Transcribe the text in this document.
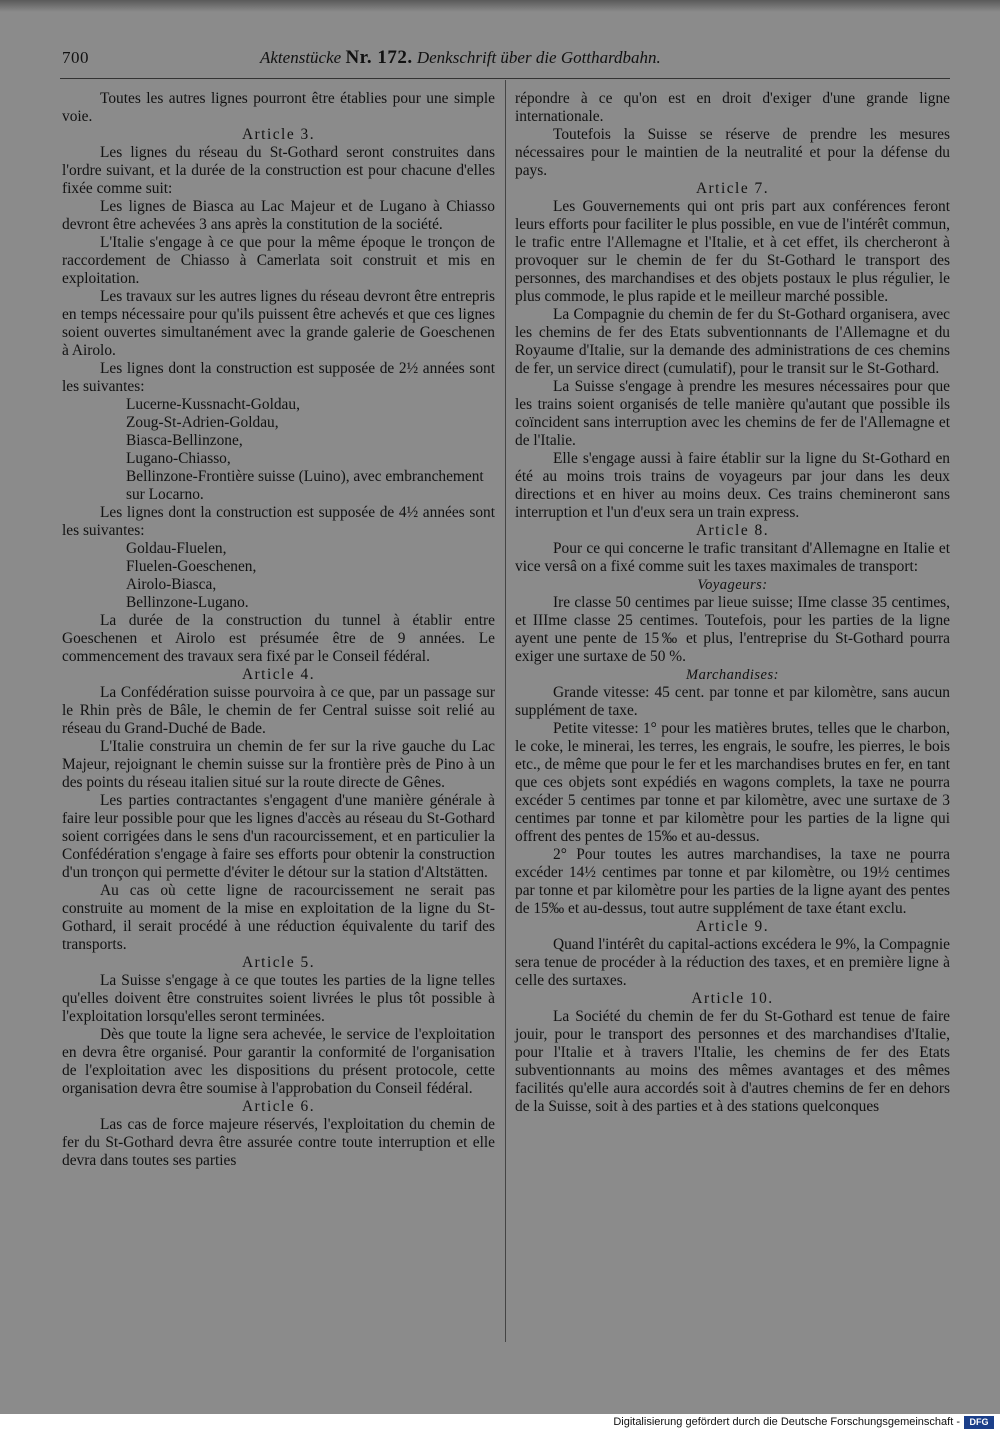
700	Aktenstücke Nr. 172. Denkschrift über die Gotthardbahn.

Toutes les autres lignes pourront être établies pour une simple voie.

Article 3.

Les lignes du réseau du St-Gothard seront construites dans l'ordre suivant, et la durée de la construction est pour chacune d'elles fixée comme suit:

Les lignes de Biasca au Lac Majeur et de Lugano à Chiasso devront être achevées 3 ans après la constitution de la société.

L'Italie s'engage à ce que pour la même époque le tronçon de raccordement de Chiasso à Camerlata soit construit et mis en exploitation.

Les travaux sur les autres lignes du réseau devront être entrepris en temps nécessaire pour qu'ils puissent être achevés et que ces lignes soient ouvertes simultanément avec la grande galerie de Goeschenen à Airolo.

Les lignes dont la construction est supposée de 2½ années sont les suivantes:

Lucerne-Kussnacht-Goldau,
Zoug-St-Adrien-Goldau,
Biasca-Bellinzone,
Lugano-Chiasso,
Bellinzone-Frontière suisse (Luino), avec embranchement sur Locarno.

Les lignes dont la construction est supposée de 4½ années sont les suivantes:

Goldau-Fluelen,
Fluelen-Goeschenen,
Airolo-Biasca,
Bellinzone-Lugano.

La durée de la construction du tunnel à établir entre Goeschenen et Airolo est présumée être de 9 années. Le commencement des travaux sera fixé par le Conseil fédéral.

Article 4.

La Confédération suisse pourvoira à ce que, par un passage sur le Rhin près de Bâle, le chemin de fer Central suisse soit relié au réseau du Grand-Duché de Bade.

L'Italie construira un chemin de fer sur la rive gauche du Lac Majeur, rejoignant le chemin suisse sur la frontière près de Pino à un des points du réseau italien situé sur la route directe de Gênes.

Les parties contractantes s'engagent d'une manière générale à faire leur possible pour que les lignes d'accès au réseau du St-Gothard soient corrigées dans le sens d'un racourcissement, et en particulier la Confédération s'engage à faire ses efforts pour obtenir la construction d'un tronçon qui permette d'éviter le détour sur la station d'Altstätten.

Au cas où cette ligne de racourcissement ne serait pas construite au moment de la mise en exploitation de la ligne du St-Gothard, il serait procédé à une réduction équivalente du tarif des transports.

Article 5.

La Suisse s'engage à ce que toutes les parties de la ligne telles qu'elles doivent être construites soient livrées le plus tôt possible à l'exploitation lorsqu'elles seront terminées.

Dès que toute la ligne sera achevée, le service de l'exploitation en devra être organisé. Pour garantir la conformité de l'organisation de l'exploitation avec les dispositions du présent protocole, cette organisation devra être soumise à l'approbation du Conseil fédéral.

Article 6.

Las cas de force majeure réservés, l'exploitation du chemin de fer du St-Gothard devra être assurée contre toute interruption et elle devra dans toutes ses parties

répondre à ce qu'on est en droit d'exiger d'une grande ligne internationale.

Toutefois la Suisse se réserve de prendre les mesures nécessaires pour le maintien de la neutralité et pour la défense du pays.

Article 7.

Les Gouvernements qui ont pris part aux conférences feront leurs efforts pour faciliter le plus possible, en vue de l'intérêt commun, le trafic entre l'Allemagne et l'Italie, et à cet effet, ils chercheront à provoquer sur le chemin de fer du St-Gothard le transport des personnes, des marchandises et des objets postaux le plus régulier, le plus commode, le plus rapide et le meilleur marché possible.

La Compagnie du chemin de fer du St-Gothard organisera, avec les chemins de fer des Etats subventionnants de l'Allemagne et du Royaume d'Italie, sur la demande des administrations de ces chemins de fer, un service direct (cumulatif), pour le transit sur le St-Gothard.

La Suisse s'engage à prendre les mesures nécessaires pour que les trains soient organisés de telle manière qu'autant que possible ils coïncident sans interruption avec les chemins de fer de l'Allemagne et de l'Italie.

Elle s'engage aussi à faire établir sur la ligne du St-Gothard en été au moins trois trains de voyageurs par jour dans les deux directions et en hiver au moins deux. Ces trains chemineront sans interruption et l'un d'eux sera un train express.

Article 8.

Pour ce qui concerne le trafic transitant d'Allemagne en Italie et vice versâ on a fixé comme suit les taxes maximales de transport:

Voyageurs:

Ire classe 50 centimes par lieue suisse; IIme classe 35 centimes, et IIIme classe 25 centimes. Toutefois, pour les parties de la ligne ayent une pente de 15‰ et plus, l'entreprise du St-Gothard pourra exiger une surtaxe de 50 %.

Marchandises:

Grande vitesse: 45 cent. par tonne et par kilomètre, sans aucun supplément de taxe.

Petite vitesse: 1° pour les matières brutes, telles que le charbon, le coke, le minerai, les terres, les engrais, le soufre, les pierres, le bois etc., de même que pour le fer et les marchandises brutes en fer, en tant que ces objets sont expédiés en wagons complets, la taxe ne pourra excéder 5 centimes par tonne et par kilomètre, avec une surtaxe de 3 centimes par tonne et par kilomètre pour les parties de la ligne qui offrent des pentes de 15‰ et au-dessus.

2° Pour toutes les autres marchandises, la taxe ne pourra excéder 14½ centimes par tonne et par kilomètre, ou 19½ centimes par tonne et par kilomètre pour les parties de la ligne ayant des pentes de 15‰ et au-dessus, tout autre supplément de taxe étant exclu.

Article 9.

Quand l'intérêt du capital-actions excédera le 9%, la Compagnie sera tenue de procéder à la réduction des taxes, et en première ligne à celle des surtaxes.

Article 10.

La Société du chemin de fer du St-Gothard est tenue de faire jouir, pour le transport des personnes et des marchandises d'Italie, pour l'Italie et à travers l'Italie, les chemins de fer des Etats subventionnants au moins des mêmes avantages et des mêmes facilités qu'elle aura accordés soit à d'autres chemins de fer en dehors de la Suisse, soit à des parties et à des stations quelconques

Digitalisierung gefördert durch die Deutsche Forschungsgemeinschaft -	DFG
